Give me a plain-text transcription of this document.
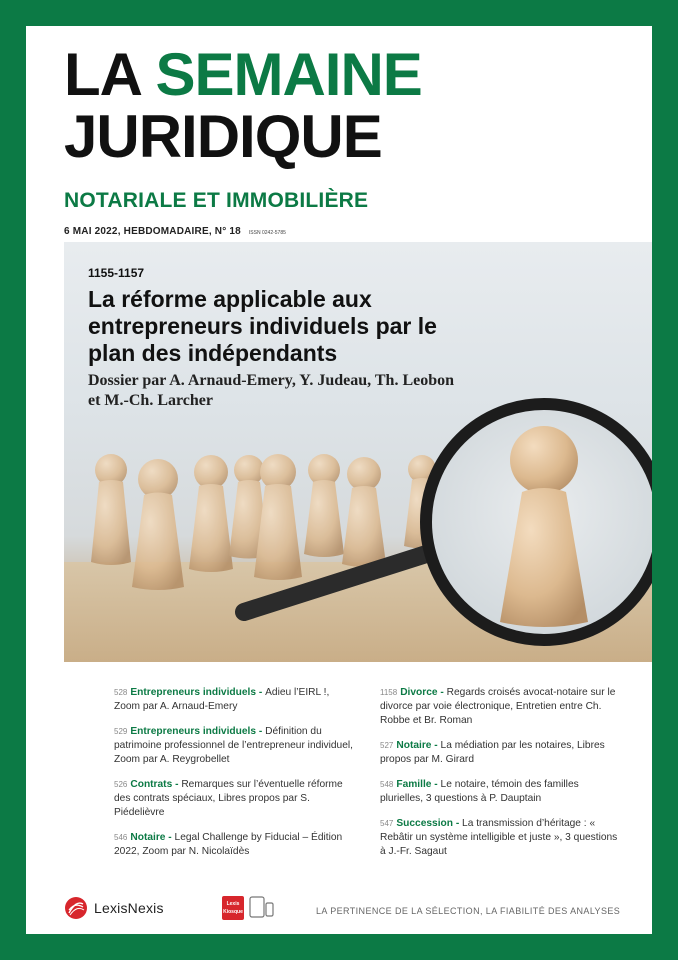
LA SEMAINE
JURIDIQUE
NOTARIALE ET IMMOBILIÈRE
6 MAI 2022, HEBDOMADAIRE, N° 18 ISSN 0242-5785
1155-1157
La réforme applicable aux entrepreneurs individuels par le plan des indépendants
Dossier par A. Arnaud-Emery, Y. Judeau, Th. Leobon et M.-Ch. Larcher
528 Entrepreneurs individuels - Adieu l’EIRL !, Zoom par A. Arnaud-Emery
529 Entrepreneurs individuels - Définition du patrimoine professionnel de l’entrepreneur individuel, Zoom par A. Reygrobellet
526 Contrats - Remarques sur l’éventuelle réforme des contrats spéciaux, Libres propos par S. Piédelièvre
546 Notaire - Legal Challenge by Fiducial – Édition 2022, Zoom par N. Nicolaïdès
1158 Divorce - Regards croisés avocat-notaire sur le divorce par voie électronique, Entretien entre Ch. Robbe et Br. Roman
527 Notaire - La médiation par les notaires, Libres propos par M. Girard
548 Famille - Le notaire, témoin des familles plurielles, 3 questions à P. Dauptain
547 Succession - La transmission d’héritage : « Rebâtir un système intelligible et juste », 3 questions à J.-Fr. Sagaut
LexisNexis	Lexis
Kiosque	LA PERTINENCE DE LA SÉLECTION, LA FIABILITÉ DES ANALYSES
